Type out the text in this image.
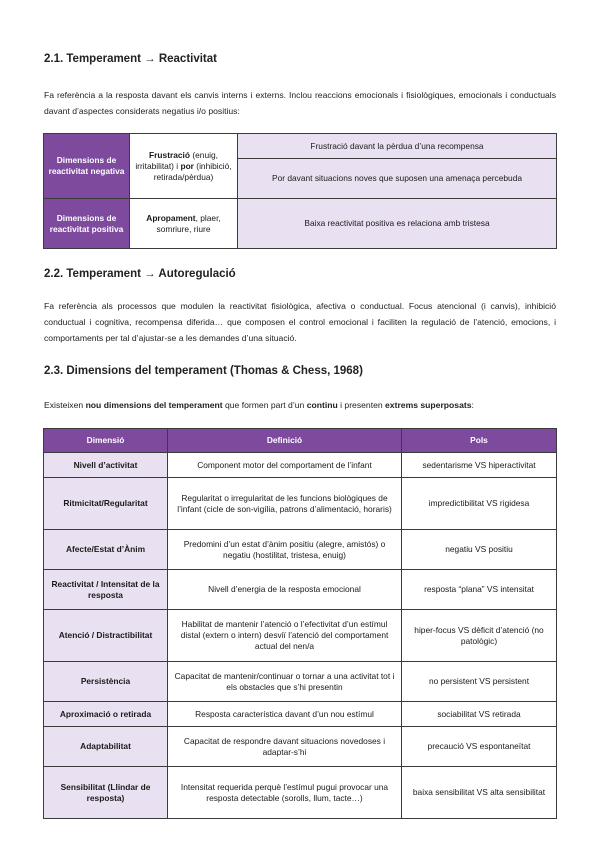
2.1. Temperament → Reactivitat
Fa referència a la resposta davant els canvis interns i externs. Inclou reaccions emocionals i fisiològiques, emocionals i conductuals davant d’aspectes considerats negatius i/o positius:
Dimensions de reactivitat negativa	Frustració (enuig, irritabilitat) i por (inhibició, retirada/pèrdua)	Frustració davant la pèrdua d’una recompensa
		Por davant situacions noves que suposen una amenaça percebuda
Dimensions de reactivitat positiva	Apropament, plaer, somriure, riure	Baixa reactivitat positiva es relaciona amb tristesa
2.2. Temperament → Autoregulació
Fa referència als processos que modulen la reactivitat fisiològica, afectiva o conductual. Focus atencional (i canvis), inhibició conductual i cognitiva, recompensa diferida… que composen el control emocional i faciliten la regulació de l’atenció, emocions, i comportaments per tal d’ajustar-se a les demandes d’una situació.
2.3. Dimensions del temperament (Thomas & Chess, 1968)
Existeixen nou dimensions del temperament que formen part d’un continu i presenten extrems superposats:
Dimensió	Definició	Pols
Nivell d’activitat	Component motor del comportament de l’infant	sedentarisme VS hiperactivitat
Ritmicitat/Regularitat	Regularitat o irregularitat de les funcions biològiques de l’infant (cicle de son-vigília, patrons d’alimentació, horaris)	impredictibilitat VS rigidesa
Afecte/Estat d’Ànim	Predomini d’un estat d’ànim positiu (alegre, amistós) o negatiu (hostilitat, tristesa, enuig)	negatiu VS positiu
Reactivitat / Intensitat de la resposta	Nivell d’energia de la resposta emocional	resposta “plana” VS intensitat
Atenció / Distractibilitat	Habilitat de mantenir l’atenció o l’efectivitat d’un estímul distal (extern o intern) desviï l’atenció del comportament actual del nen/a	hiper-focus VS dèficit d’atenció (no patològic)
Persistència	Capacitat de mantenir/continuar o tornar a una activitat tot i els obstacles que s’hi presentin	no persistent VS persistent
Aproximació o retirada	Resposta característica davant d’un nou estímul	sociabilitat VS retirada
Adaptabilitat	Capacitat de respondre davant situacions novedoses i adaptar-s’hi	precaució VS espontaneïtat
Sensibilitat (Llindar de resposta)	Intensitat requerida perquè l’estímul pugui provocar una resposta detectable (sorolls, llum, tacte…)	baixa sensibilitat VS alta sensibilitat
